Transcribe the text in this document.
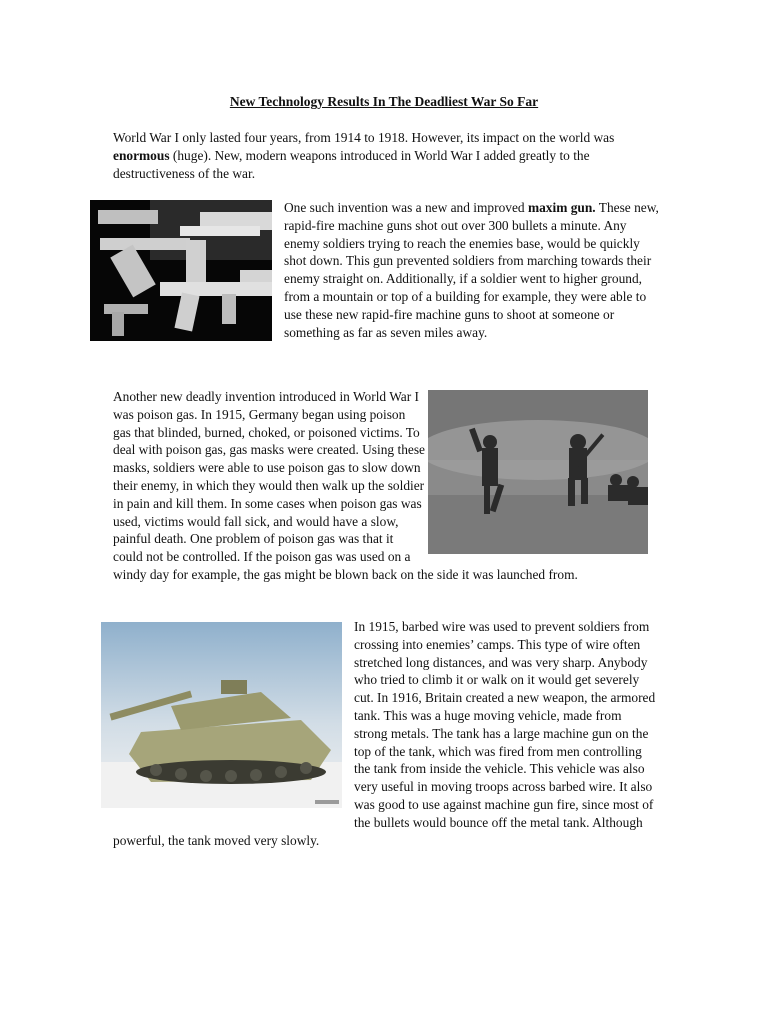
New Technology Results In The Deadliest War So Far

World War I only lasted four years, from 1914 to 1918. However, its impact on the world was enormous (huge). New, modern weapons introduced in World War I added greatly to the destructiveness of the war.

One such invention was a new and improved maxim gun. These new, rapid-fire machine guns shot out over 300 bullets a minute. Any enemy soldiers trying to reach the enemies base, would be quickly shot down. This gun prevented soldiers from marching towards their enemy straight on. Additionally, if a soldier went to higher ground, from a mountain or top of a building for example, they were able to use these new rapid-fire machine guns to shoot at someone or something as far as seven miles away.

Another new deadly invention introduced in World War I was poison gas. In 1915, Germany began using poison gas that blinded, burned, choked, or poisoned victims. To deal with poison gas, gas masks were created. Using these masks, soldiers were able to use poison gas to slow down their enemy, in which they would then walk up the soldier in pain and kill them. In some cases when poison gas was used, victims would fall sick, and would have a slow, painful death. One problem of poison gas was that it could not be controlled. If the poison gas was used on a windy day for example, the gas might be blown back on the side it was launched from.

In 1915, barbed wire was used to prevent soldiers from crossing into enemies’ camps. This type of wire often stretched long distances, and was very sharp. Anybody who tried to climb it or walk on it would get severely cut. In 1916, Britain created a new weapon, the armored tank. This was a huge moving vehicle, made from strong metals. The tank has a large machine gun on the top of the tank, which was fired from men controlling the tank from inside the vehicle. This vehicle was also very useful in moving troops across barbed wire. It also was good to use against machine gun fire, since most of the bullets would bounce off the metal tank. Although powerful, the tank moved very slowly.
